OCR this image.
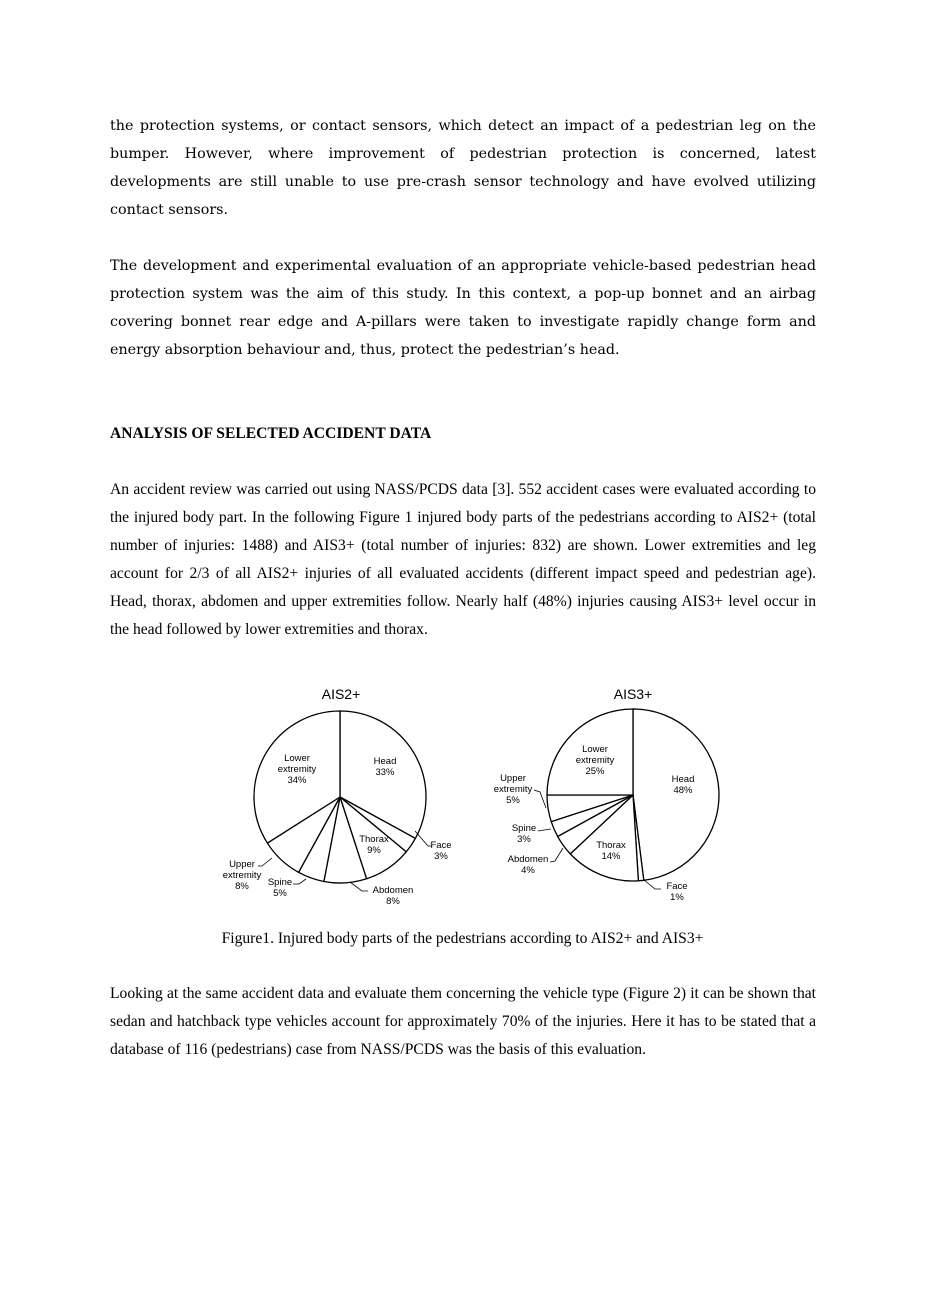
the protection systems, or contact sensors, which detect an impact of a pedestrian leg on the bumper. However, where improvement of pedestrian protection is concerned, latest developments are still unable to use pre-crash sensor technology and have evolved utilizing contact sensors.

The development and experimental evaluation of an appropriate vehicle-based pedestrian head protection system was the aim of this study. In this context, a pop-up bonnet and an airbag covering bonnet rear edge and A-pillars were taken to investigate rapidly change form and energy absorption behaviour and, thus, protect the pedestrian’s head.

ANALYSIS OF SELECTED ACCIDENT DATA

An accident review was carried out using NASS/PCDS data [3]. 552 accident cases were evaluated according to the injured body part. In the following Figure 1 injured body parts of the pedestrians according to AIS2+ (total number of injuries: 1488) and AIS3+ (total number of injuries: 832) are shown. Lower extremities and leg account for 2/3 of all AIS2+ injuries of all evaluated accidents (different impact speed and pedestrian age). Head, thorax, abdomen and upper extremities follow. Nearly half (48%) injuries causing AIS3+ level occur in the head followed by lower extremities and thorax.

AIS2+
Head
33%
Face
3%
Thorax
9%
Abdomen
8%
Spine
5%
Upper
extremity
8%
Lower
extremity
34%
AIS3+
Head
48%
Face
1%
Thorax
14%
Abdomen
4%
Spine
3%
Upper
extremity
5%
Lower
extremity
25%

Figure1. Injured body parts of the pedestrians according to AIS2+ and AIS3+

Looking at the same accident data and evaluate them concerning the vehicle type (Figure 2) it can be shown that sedan and hatchback type vehicles account for approximately 70% of the injuries. Here it has to be stated that a database of 116 (pedestrians) case from NASS/PCDS was the basis of this evaluation.
